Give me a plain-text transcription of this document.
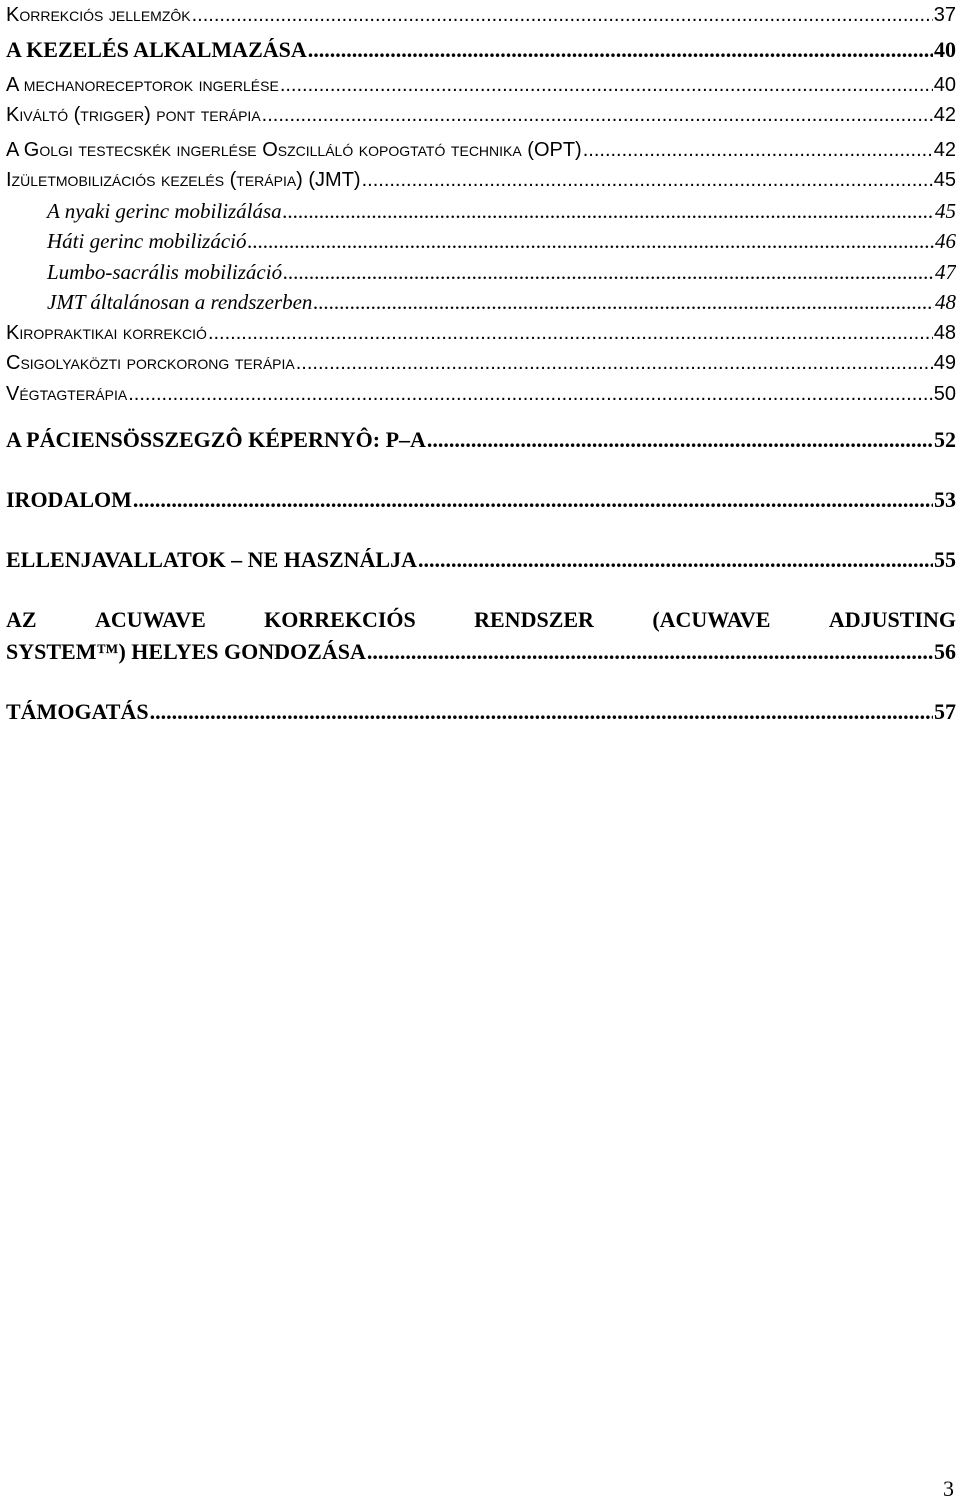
Korrekciós jellemzôk .....	37
A KEZELÉS ALKALMAZÁSA .....	40
A mechanoreceptorok ingerlése .....	40
Kiváltó (trigger) pont terápia .....	42
A Golgi testecskék ingerlése Oszcilláló kopogtató technika (OPT) .....	42
Izületmobilizációs kezelés (terápia) (JMT) .....	45
A nyaki gerinc mobilizálása .....	45
Háti gerinc mobilizáció .....	46
Lumbo-sacrális mobilizáció .....	47
JMT általánosan a rendszerben .....	48
Kiropraktikai korrekció .....	48
Csigolyaközti porckorong terápia .....	49
Végtagterápia .....	50
A PÁCIENSÖSSZEGZÔ KÉPERNYÔ: P–A .....	52
IRODALOM .....	53
ELLENJAVALLATOK – NE HASZNÁLJA .....	55
AZ	ACUWAVE	KORREKCIÓS	RENDSZER	(ACUWAVE	ADJUSTING
SYSTEM™) HELYES GONDOZÁSA .....	56
TÁMOGATÁS .....	57
3
